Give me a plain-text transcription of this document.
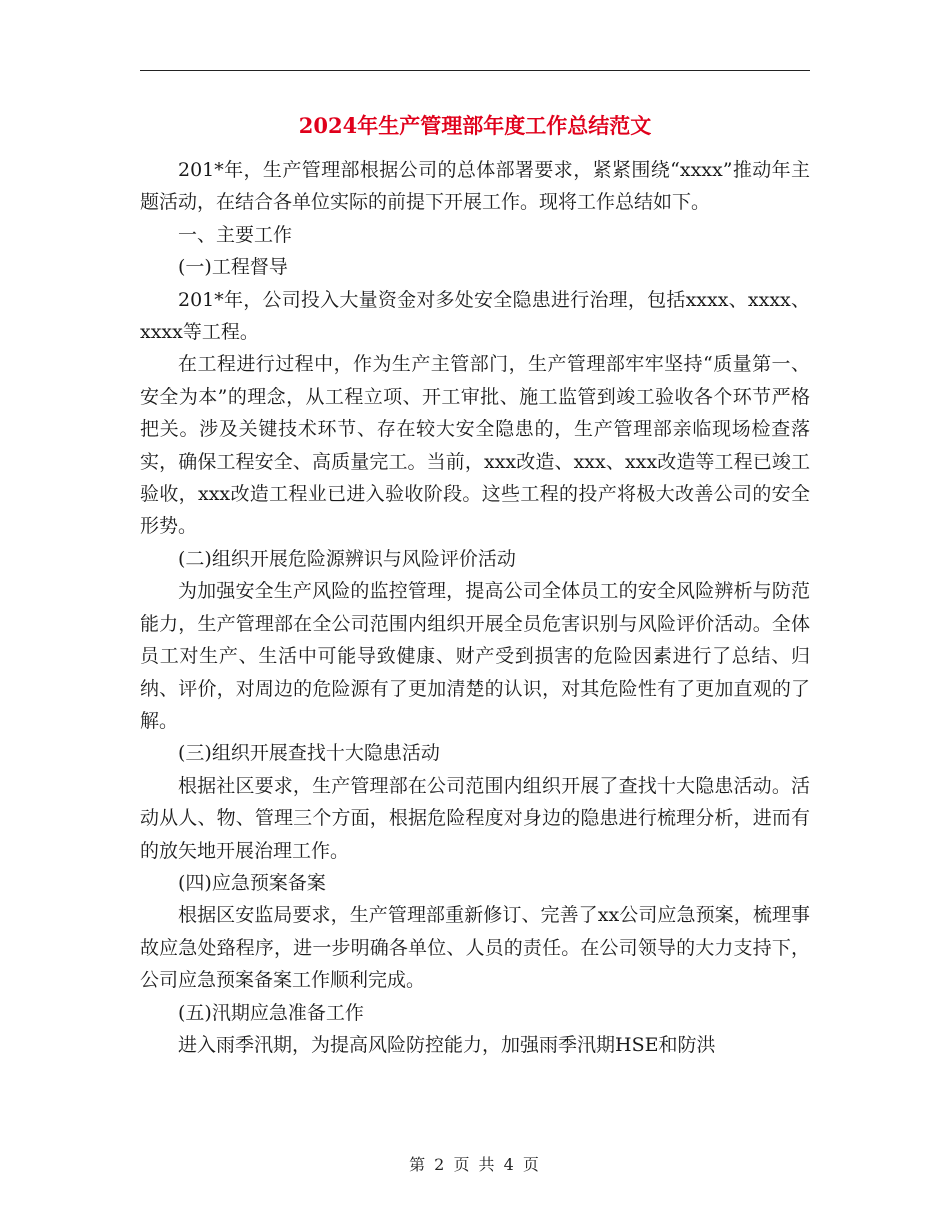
2024年生产管理部年度工作总结范文

201*年，生产管理部根据公司的总体部署要求，紧紧围绕“xxxx”推动年主题活动，在结合各单位实际的前提下开展工作。现将工作总结如下。

一、主要工作

(一)工程督导

201*年，公司投入大量资金对多处安全隐患进行治理，包括xxxx、xxxx、xxxx等工程。

在工程进行过程中，作为生产主管部门，生产管理部牢牢坚持“质量第一、安全为本”的理念，从工程立项、开工审批、施工监管到竣工验收各个环节严格把关。涉及关键技术环节、存在较大安全隐患的，生产管理部亲临现场检查落实，确保工程安全、高质量完工。当前，xxx改造、xxx、xxx改造等工程已竣工验收，xxx改造工程业已进入验收阶段。这些工程的投产将极大改善公司的安全形势。

(二)组织开展危险源辨识与风险评价活动

为加强安全生产风险的监控管理，提高公司全体员工的安全风险辨析与防范能力，生产管理部在全公司范围内组织开展全员危害识别与风险评价活动。全体员工对生产、生活中可能导致健康、财产受到损害的危险因素进行了总结、归纳、评价，对周边的危险源有了更加清楚的认识，对其危险性有了更加直观的了解。

(三)组织开展查找十大隐患活动

根据社区要求，生产管理部在公司范围内组织开展了查找十大隐患活动。活动从人、物、管理三个方面，根据危险程度对身边的隐患进行梳理分析，进而有的放矢地开展治理工作。

(四)应急预案备案

根据区安监局要求，生产管理部重新修订、完善了xx公司应急预案，梳理事故应急处臵程序，进一步明确各单位、人员的责任。在公司领导的大力支持下，公司应急预案备案工作顺利完成。

(五)汛期应急准备工作

进入雨季汛期，为提高风险防控能力，加强雨季汛期HSE和防洪

第 2 页 共 4 页
